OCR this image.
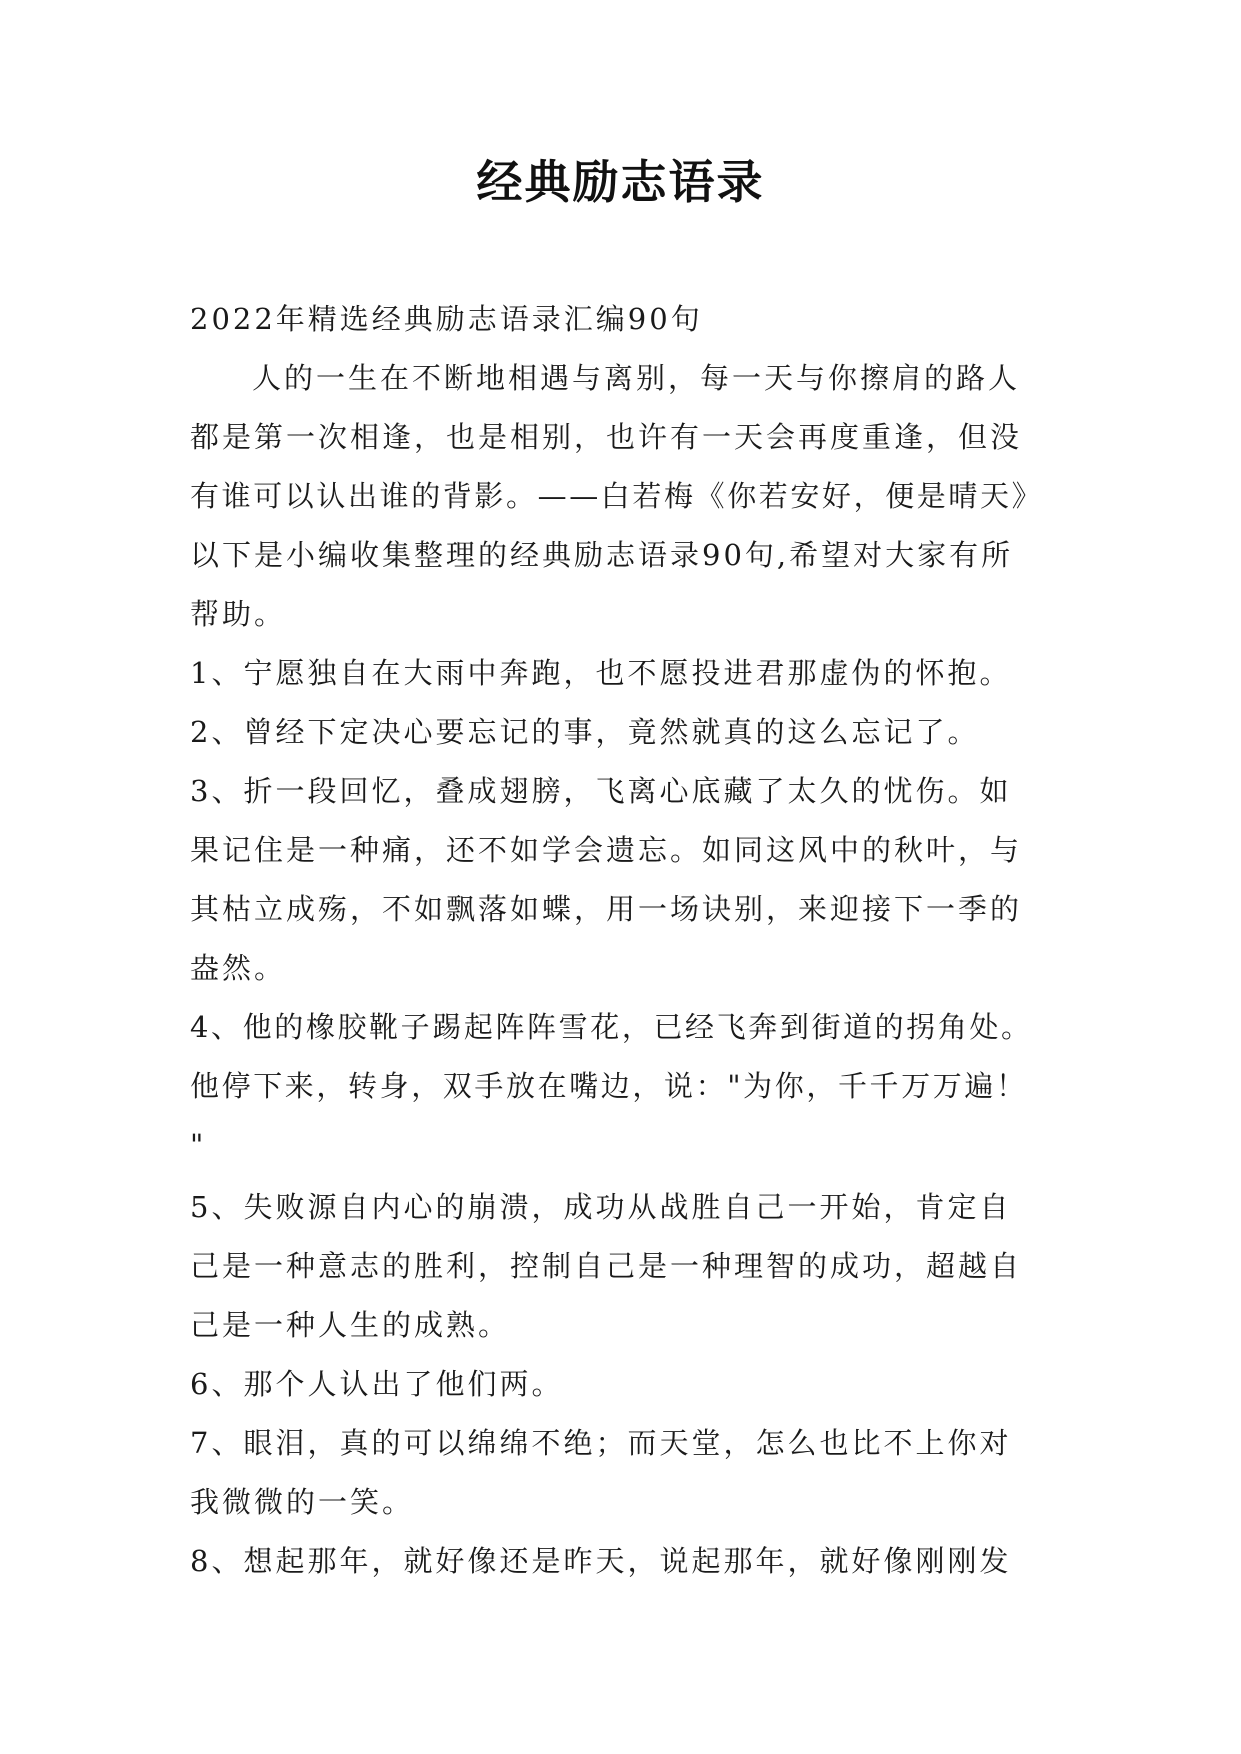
经典励志语录
2022年精选经典励志语录汇编90句
人的一生在不断地相遇与离别，每一天与你擦肩的路人
都是第一次相逢，也是相别，也许有一天会再度重逢，但没
有谁可以认出谁的背影。——白若梅《你若安好，便是晴天》
以下是小编收集整理的经典励志语录90句,希望对大家有所
帮助。
1、宁愿独自在大雨中奔跑，也不愿投进君那虚伪的怀抱。
2、曾经下定决心要忘记的事，竟然就真的这么忘记了。
3、折一段回忆，叠成翅膀，飞离心底藏了太久的忧伤。如
果记住是一种痛，还不如学会遗忘。如同这风中的秋叶，与
其枯立成殇，不如飘落如蝶，用一场诀别，来迎接下一季的
盎然。
4、他的橡胶靴子踢起阵阵雪花，已经飞奔到街道的拐角处。
他停下来，转身，双手放在嘴边，说："为你，千千万万遍！
"
5、失败源自内心的崩溃，成功从战胜自己一开始，肯定自
己是一种意志的胜利，控制自己是一种理智的成功，超越自
己是一种人生的成熟。
6、那个人认出了他们两。
7、眼泪，真的可以绵绵不绝；而天堂，怎么也比不上你对
我微微的一笑。
8、想起那年，就好像还是昨天，说起那年，就好像刚刚发
